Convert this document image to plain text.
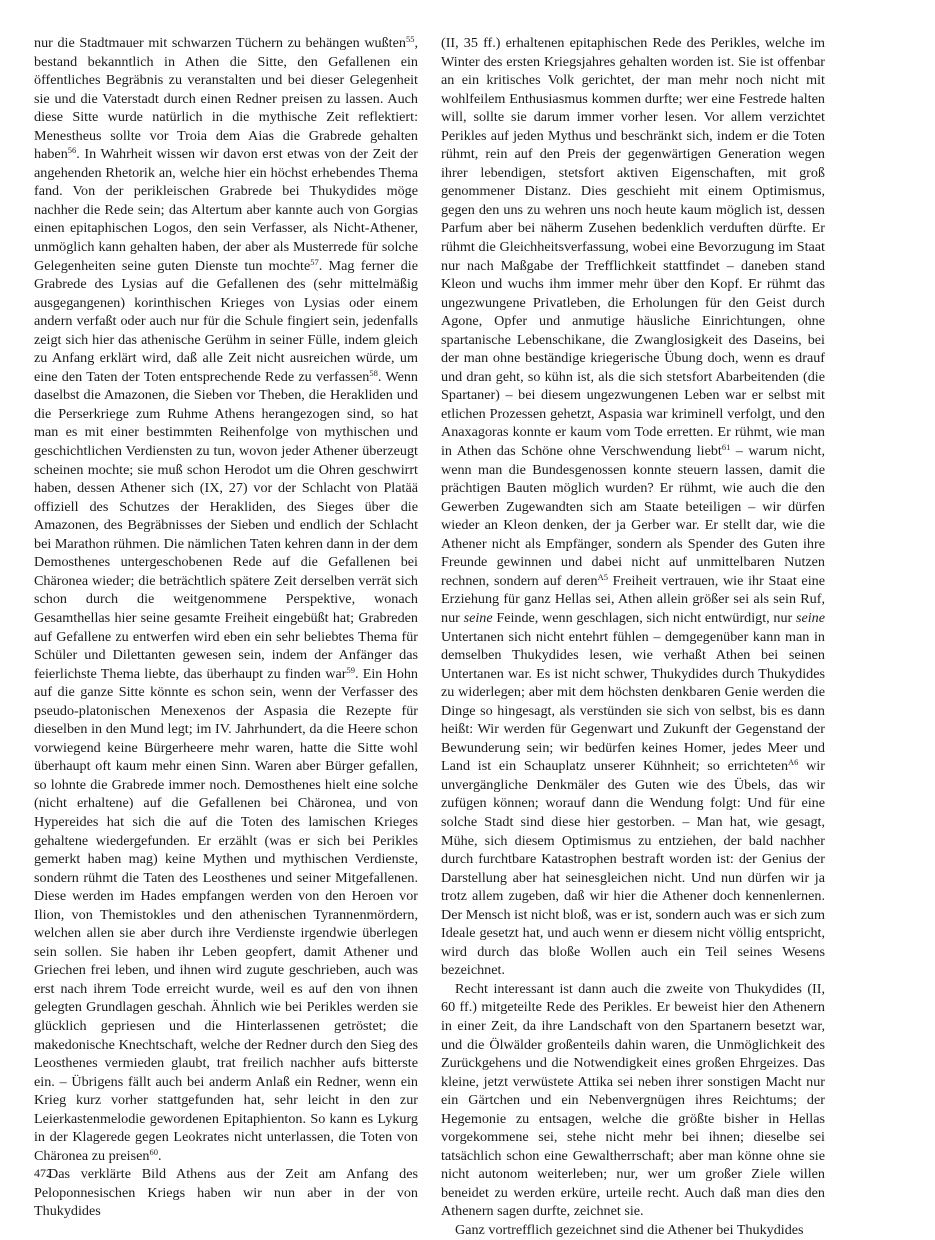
nur die Stadtmauer mit schwarzen Tüchern zu behängen wußten$^{55}$, bestand bekanntlich in Athen die Sitte, den Gefallenen ein öffentliches Begräbnis zu veranstalten und bei dieser Gelegenheit sie und die Vaterstadt durch einen Redner preisen zu lassen. Auch diese Sitte wurde natürlich in die mythische Zeit reflektiert: Menestheus sollte vor Troia dem Aias die Grabrede gehalten haben$^{56}$. In Wahrheit wissen wir davon erst etwas von der Zeit der angehenden Rhetorik an, welche hier ein höchst erhebendes Thema fand. Von der perikleischen Grabrede bei Thukydides möge nachher die Rede sein; das Altertum aber kannte auch von Gorgias einen epitaphischen Logos, den sein Verfasser, als Nicht-Athener, unmöglich kann gehalten haben, der aber als Musterrede für solche Gelegenheiten seine guten Dienste tun mochte$^{57}$. Mag ferner die Grabrede des Lysias auf die Gefallenen des (sehr mittelmäßig ausgegangenen) korinthischen Krieges von Lysias oder einem andern verfaßt oder auch nur für die Schule fingiert sein, jedenfalls zeigt sich hier das athenische Gerühm in seiner Fülle, indem gleich zu Anfang erklärt wird, daß alle Zeit nicht ausreichen würde, um eine den Taten der Toten entsprechende Rede zu verfassen$^{58}$. Wenn daselbst die Amazonen, die Sieben vor Theben, die Herakliden und die Perserkriege zum Ruhme Athens herangezogen sind, so hat man es mit einer bestimmten Reihenfolge von mythischen und geschichtlichen Verdiensten zu tun, wovon jeder Athener überzeugt scheinen mochte; sie muß schon Herodot um die Ohren geschwirrt haben, dessen Athener sich (IX, 27) vor der Schlacht von Platää offiziell des Schutzes der Herakliden, des Sieges über die Amazonen, des Begräbnisses der Sieben und endlich der Schlacht bei Marathon rühmen. Die nämlichen Taten kehren dann in der dem Demosthenes untergeschobenen Rede auf die Gefallenen bei Chäronea wieder; die beträchtlich spätere Zeit derselben verrät sich schon durch die weitgenommene Perspektive, wonach Gesamthellas hier seine gesamte Freiheit eingebüßt hat; Grabreden auf Gefallene zu entwerfen wird eben ein sehr beliebtes Thema für Schüler und Dilettanten gewesen sein, indem der Anfänger das feierlichste Thema liebte, das überhaupt zu finden war$^{59}$. Ein Hohn auf die ganze Sitte könnte es schon sein, wenn der Verfasser des pseudo-platonischen Menexenos der Aspasia die Rezepte für dieselben in den Mund legt; im IV. Jahrhundert, da die Heere schon vorwiegend keine Bürgerheere mehr waren, hatte die Sitte wohl überhaupt oft kaum mehr einen Sinn. Waren aber Bürger gefallen, so lohnte die Grabrede immer noch. Demosthenes hielt eine solche (nicht erhaltene) auf die Gefallenen bei Chäronea, und von Hypereides hat sich die auf die Toten des lamischen Krieges gehaltene wiedergefunden. Er erzählt (was er sich bei Perikles gemerkt haben mag) keine Mythen und mythischen Verdienste, sondern rühmt die Taten des Leosthenes und seiner Mitgefallenen. Diese werden im Hades empfangen werden von den Heroen vor Ilion, von Themistokles und den athenischen Tyrannenmördern, welchen allen sie aber durch ihre Verdienste irgendwie überlegen sein sollen. Sie haben ihr Leben geopfert, damit Athener und Griechen frei leben, und ihnen wird zugute geschrieben, auch was erst nach ihrem Tode erreicht wurde, weil es auf den von ihnen gelegten Grundlagen geschah. Ähnlich wie bei Perikles werden sie glücklich gepriesen und die Hinterlassenen getröstet; die makedonische Knechtschaft, welche der Redner durch den Sieg des Leosthenes vermieden glaubt, trat freilich nachher aufs bitterste ein. – Übrigens fällt auch bei anderm Anlaß ein Redner, wenn ein Krieg kurz vorher stattgefunden hat, sehr leicht in den zur Leierkastenmelodie gewordenen Epitaphienton. So kann es Lykurg in der Klagerede gegen Leokrates nicht unterlassen, die Toten von Chäronea zu preisen$^{60}$.

Das verklärte Bild Athens aus der Zeit am Anfang des Peloponnesischen Kriegs haben wir nun aber in der von Thukydides

(II, 35 ff.) erhaltenen epitaphischen Rede des Perikles, welche im Winter des ersten Kriegsjahres gehalten worden ist. Sie ist offenbar an ein kritisches Volk gerichtet, der man mehr noch nicht mit wohlfeilem Enthusiasmus kommen durfte; wer eine Festrede halten will, sollte sie darum immer vorher lesen. Vor allem verzichtet Perikles auf jeden Mythus und beschränkt sich, indem er die Toten rühmt, rein auf den Preis der gegenwärtigen Generation wegen ihrer lebendigen, stetsfort aktiven Eigenschaften, mit groß genommener Distanz. Dies geschieht mit einem Optimismus, gegen den uns zu wehren uns noch heute kaum möglich ist, dessen Parfum aber bei näherm Zusehen bedenklich verduften dürfte. Er rühmt die Gleichheitsverfassung, wobei eine Bevorzugung im Staat nur nach Maßgabe der Trefflichkeit stattfindet – daneben stand Kleon und wuchs ihm immer mehr über den Kopf. Er rühmt das ungezwungene Privatleben, die Erholungen für den Geist durch Agone, Opfer und anmutige häusliche Einrichtungen, ohne spartanische Lebenschikane, die Zwanglosigkeit des Daseins, bei der man ohne beständige kriegerische Übung doch, wenn es drauf und dran geht, so kühn ist, als die sich stetsfort Abarbeitenden (die Spartaner) – bei diesem ungezwungenen Leben war er selbst mit etlichen Prozessen gehetzt, Aspasia war kriminell verfolgt, und den Anaxagoras konnte er kaum vom Tode erretten. Er rühmt, wie man in Athen das Schöne ohne Verschwendung liebt$^{61}$ – warum nicht, wenn man die Bundesgenossen konnte steuern lassen, damit die prächtigen Bauten möglich wurden? Er rühmt, wie auch die den Gewerben Zugewandten sich am Staate beteiligen – wir dürfen wieder an Kleon denken, der ja Gerber war. Er stellt dar, wie die Athener nicht als Empfänger, sondern als Spender des Guten ihre Freunde gewinnen und dabei nicht auf unmittelbaren Nutzen rechnen, sondern auf deren$^{A5}$ Freiheit vertrauen, wie ihr Staat eine Erziehung für ganz Hellas sei, Athen allein größer sei als sein Ruf, nur seine Feinde, wenn geschlagen, sich nicht entwürdigt, nur seine Untertanen sich nicht entehrt fühlen – demgegenüber kann man in demselben Thukydides lesen, wie verhaßt Athen bei seinen Untertanen war. Es ist nicht schwer, Thukydides durch Thukydides zu widerlegen; aber mit dem höchsten denkbaren Genie werden die Dinge so hingesagt, als verstünden sie sich von selbst, bis es dann heißt: Wir werden für Gegenwart und Zukunft der Gegenstand der Bewunderung sein; wir bedürfen keines Homer, jedes Meer und Land ist ein Schauplatz unserer Kühnheit; so errichteten$^{A6}$ wir unvergängliche Denkmäler des Guten wie des Übels, das wir zufügen können; worauf dann die Wendung folgt: Und für eine solche Stadt sind diese hier gestorben. – Man hat, wie gesagt, Mühe, sich diesem Optimismus zu entziehen, der bald nachher durch furchtbare Katastrophen bestraft worden ist: der Genius der Darstellung aber hat seinesgleichen nicht. Und nun dürfen wir ja trotz allem zugeben, daß wir hier die Athener doch kennenlernen. Der Mensch ist nicht bloß, was er ist, sondern auch was er sich zum Ideale gesetzt hat, und auch wenn er diesem nicht völlig entspricht, wird durch das bloße Wollen auch ein Teil seines Wesens bezeichnet.

Recht interessant ist dann auch die zweite von Thukydides (II, 60 ff.) mitgeteilte Rede des Perikles. Er beweist hier den Athenern in einer Zeit, da ihre Landschaft von den Spartanern besetzt war, und die Ölwälder großenteils dahin waren, die Unmöglichkeit des Zurückgehens und die Notwendigkeit eines großen Ehrgeizes. Das kleine, jetzt verwüstete Attika sei neben ihrer sonstigen Macht nur ein Gärtchen und ein Nebenvergnügen ihres Reichtums; der Hegemonie zu entsagen, welche die größte bisher in Hellas vorgekommene sei, stehe nicht mehr bei ihnen; dieselbe sei tatsächlich schon eine Gewaltherrschaft; aber man könne ohne sie nicht autonom weiterleben; nur, wer um großer Ziele willen beneidet zu werden erküre, urteile recht. Auch daß man dies den Athenern sagen durfte, zeichnet sie.

Ganz vortrefflich gezeichnet sind die Athener bei Thukydides

472
